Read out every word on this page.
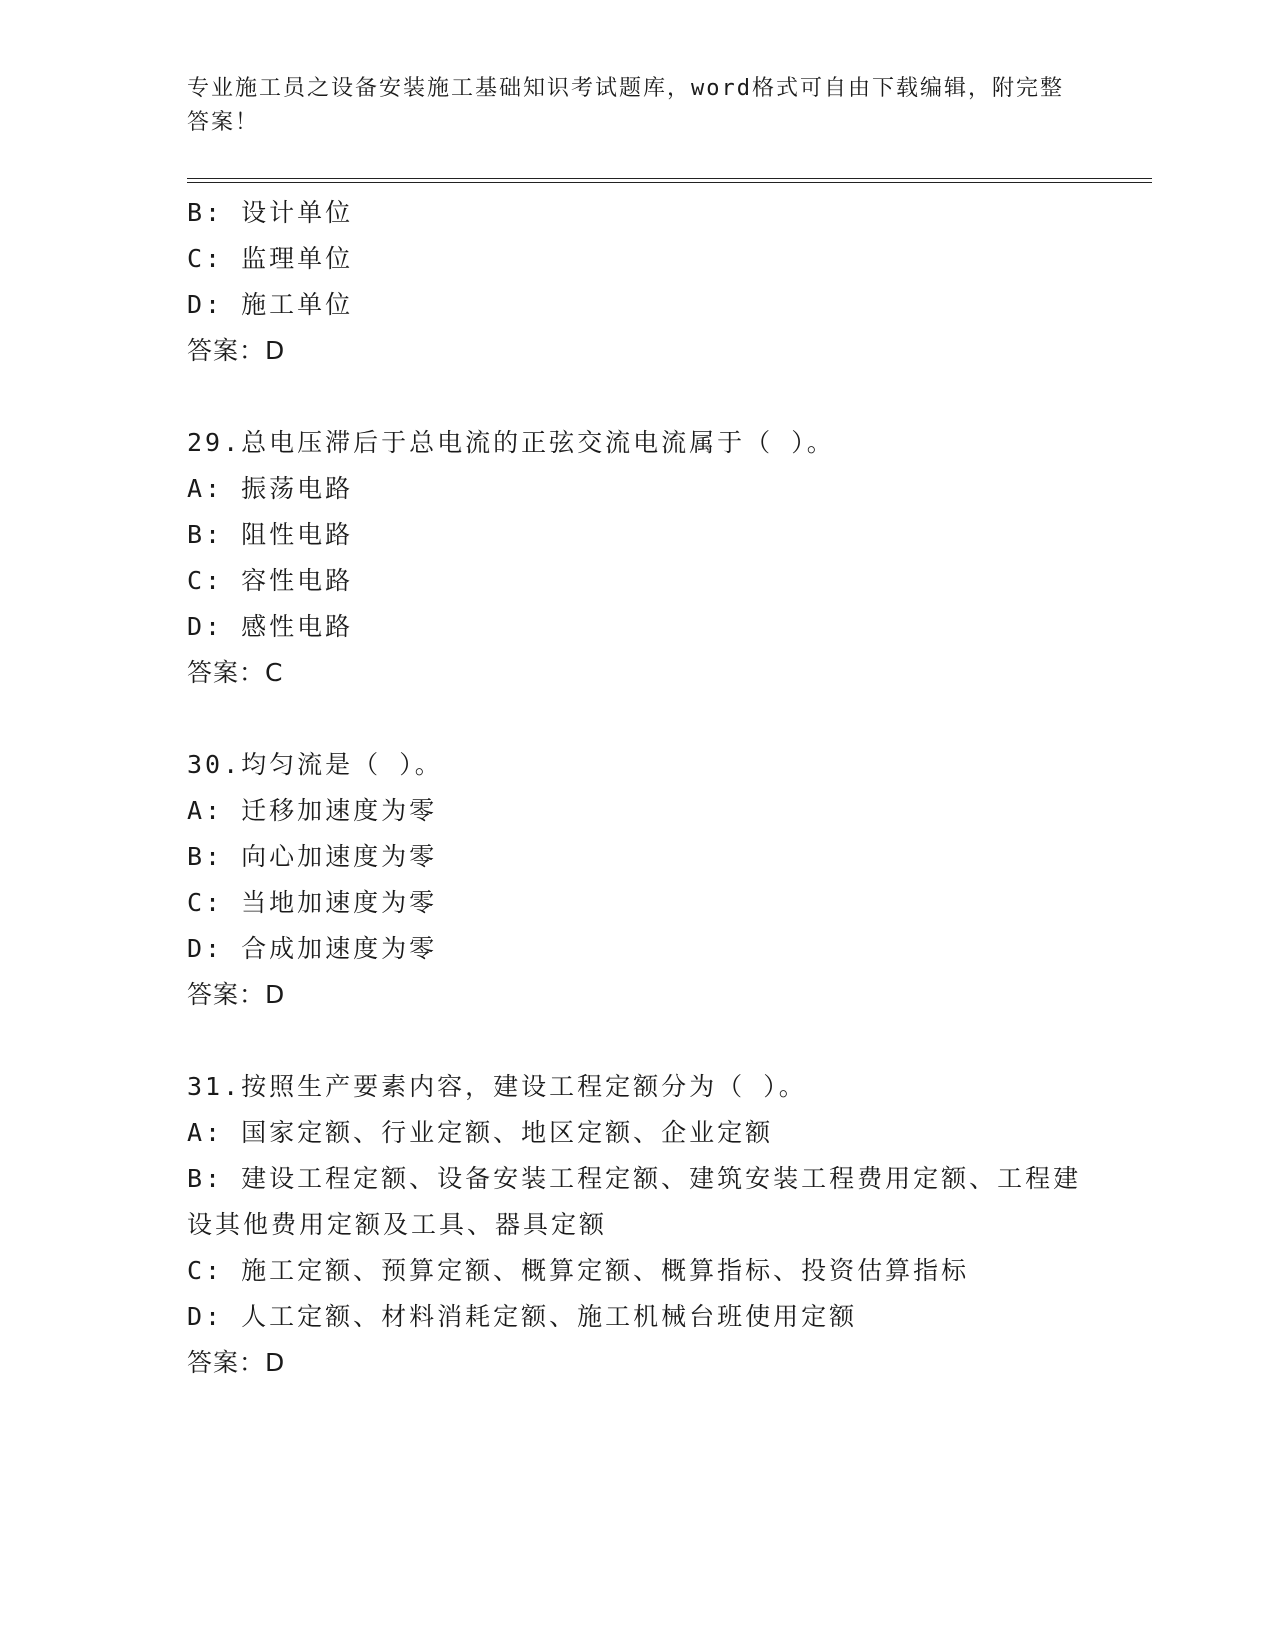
专业施工员之设备安装施工基础知识考试题库，word格式可自由下载编辑，附完整答案！
B: 设计单位
C: 监理单位
D: 施工单位
答案：D
29.总电压滞后于总电流的正弦交流电流属于（ ）。
A: 振荡电路
B: 阻性电路
C: 容性电路
D: 感性电路
答案：C
30.均匀流是（ ）。
A: 迁移加速度为零
B: 向心加速度为零
C: 当地加速度为零
D: 合成加速度为零
答案：D
31.按照生产要素内容，建设工程定额分为（ ）。
A: 国家定额、行业定额、地区定额、企业定额
B: 建设工程定额、设备安装工程定额、建筑安装工程费用定额、工程建设其他费用定额及工具、器具定额
C: 施工定额、预算定额、概算定额、概算指标、投资估算指标
D: 人工定额、材料消耗定额、施工机械台班使用定额
答案：D
